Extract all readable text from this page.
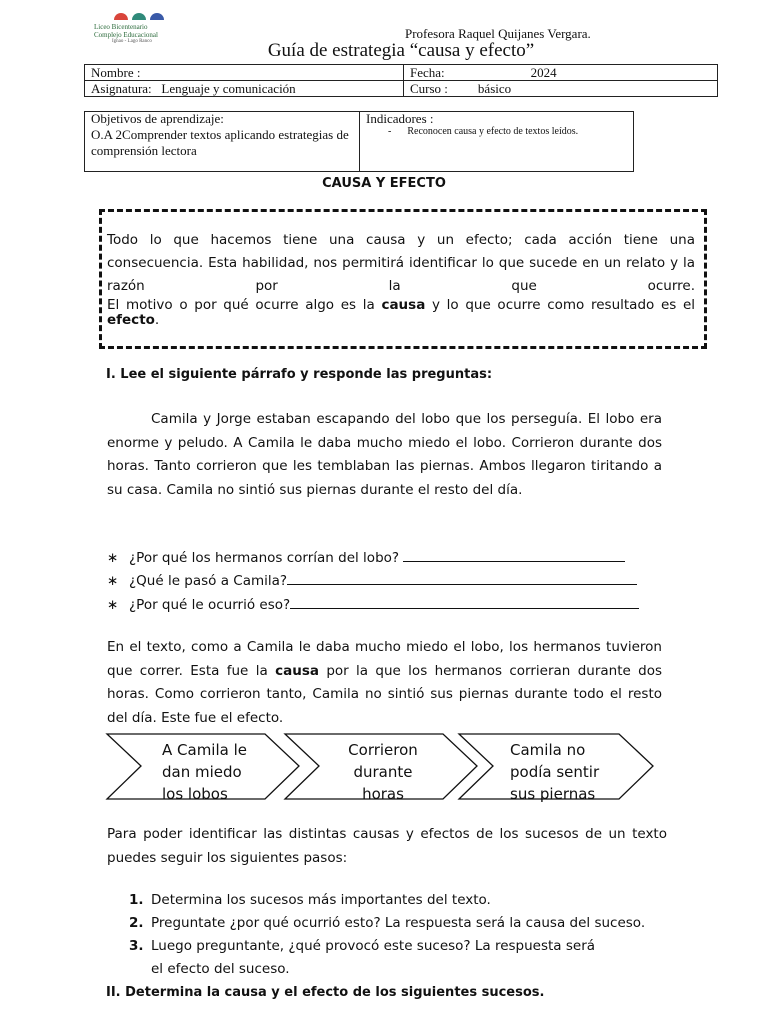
Liceo Bicentenario
Complejo Educacional
Ignao - Lago Ranco
Profesora Raquel Quijanes Vergara.
Guía de estrategia “causa y efecto”
Nombre :	Fecha: 2024
Asignatura: Lenguaje y comunicación	Curso : básico
Objetivos de aprendizaje:
O.A 2Comprender textos aplicando estrategias de comprensión lectora
Indicadores :
- Reconocen causa y efecto de textos leídos.
CAUSA Y EFECTO
Todo lo que hacemos tiene una causa y un efecto; cada acción tiene una consecuencia. Esta habilidad, nos permitirá identificar lo que sucede en un relato y la razón por la que ocurre.
El motivo o por qué ocurre algo es la causa y lo que ocurre como resultado es el efecto.
I. Lee el siguiente párrafo y responde las preguntas:
Camila y Jorge estaban escapando del lobo que los perseguía. El lobo era enorme y peludo. A Camila le daba mucho miedo el lobo. Corrieron durante dos horas. Tanto corrieron que les temblaban las piernas. Ambos llegaron tiritando a su casa. Camila no sintió sus piernas durante el resto del día.
∗ ¿Por qué los hermanos corrían del lobo?
∗ ¿Qué le pasó a Camila?
∗ ¿Por qué le ocurrió eso?
En el texto, como a Camila le daba mucho miedo el lobo, los hermanos tuvieron que correr. Esta fue la causa por la que los hermanos corrieran durante dos horas. Como corrieron tanto, Camila no sintió sus piernas durante todo el resto del día. Este fue el efecto.
A Camila le
dan miedo
los lobos
Corrieron
durante
horas
Camila no
podía sentir
sus piernas
Para poder identificar las distintas causas y efectos de los sucesos de un texto puedes seguir los siguientes pasos:
1. Determina los sucesos más importantes del texto.
2. Preguntate ¿por qué ocurrió esto? La respuesta será la causa del suceso.
3. Luego preguntante, ¿qué provocó este suceso? La respuesta será
el efecto del suceso.
II. Determina la causa y el efecto de los siguientes sucesos.
